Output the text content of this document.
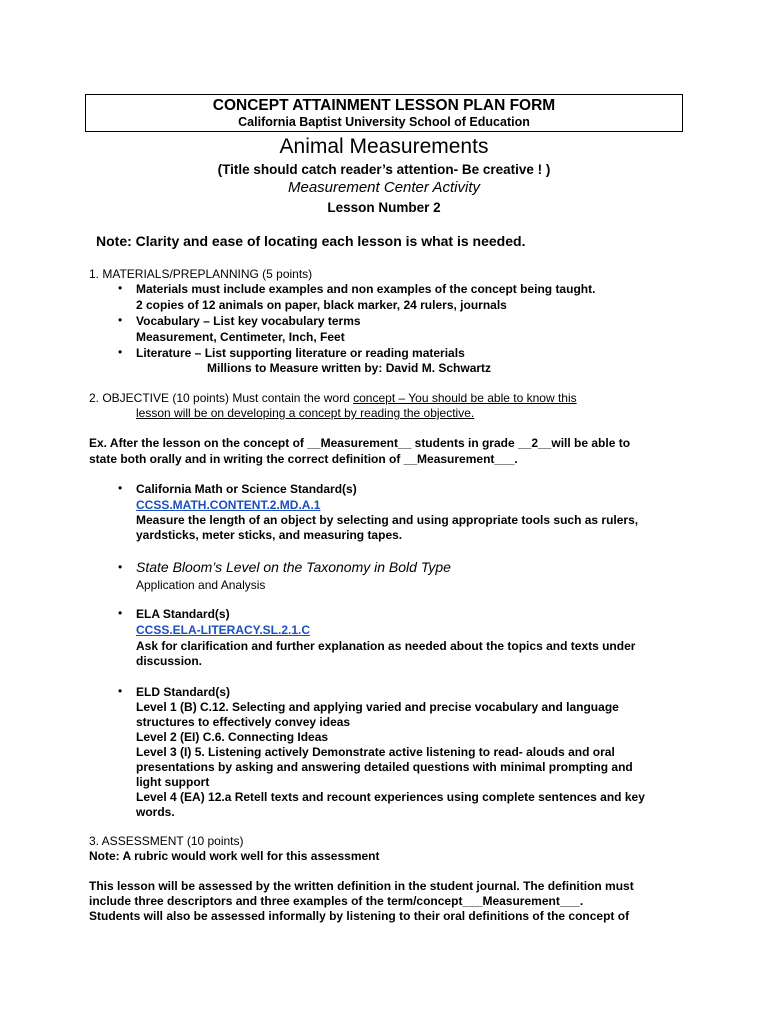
CONCEPT ATTAINMENT LESSON PLAN FORM
California Baptist University School of Education
Animal Measurements
(Title should catch reader’s attention- Be creative ! )
Measurement Center Activity
Lesson Number 2
Note: Clarity and ease of locating each lesson is what is needed.
1. MATERIALS/PREPLANNING (5 points)
• Materials must include examples and non examples of the concept being taught.
2 copies of 12 animals on paper, black marker, 24 rulers, journals
• Vocabulary – List key vocabulary terms
Measurement, Centimeter, Inch, Feet
• Literature – List supporting literature or reading materials
Millions to Measure written by: David M. Schwartz
2. OBJECTIVE (10 points) Must contain the word concept – You should be able to know this
lesson will be on developing a concept by reading the objective.
Ex. After the lesson on the concept of __Measurement__ students in grade __2__will be able to
state both orally and in writing the correct definition of __Measurement___.
• California Math or Science Standard(s)
CCSS.MATH.CONTENT.2.MD.A.1
Measure the length of an object by selecting and using appropriate tools such as rulers,
yardsticks, meter sticks, and measuring tapes.
• State Bloom’s Level on the Taxonomy in Bold Type
Application and Analysis
• ELA Standard(s)
CCSS.ELA-LITERACY.SL.2.1.C
Ask for clarification and further explanation as needed about the topics and texts under
discussion.
• ELD Standard(s)
Level 1 (B) C.12. Selecting and applying varied and precise vocabulary and language
structures to effectively convey ideas
Level 2 (EI) C.6. Connecting Ideas
Level 3 (I) 5. Listening actively Demonstrate active listening to read- alouds and oral
presentations by asking and answering detailed questions with minimal prompting and
light support
Level 4 (EA) 12.a Retell texts and recount experiences using complete sentences and key
words.
3. ASSESSMENT (10 points)
Note: A rubric would work well for this assessment
This lesson will be assessed by the written definition in the student journal. The definition must
include three descriptors and three examples of the term/concept___Measurement___.
Students will also be assessed informally by listening to their oral definitions of the concept of
